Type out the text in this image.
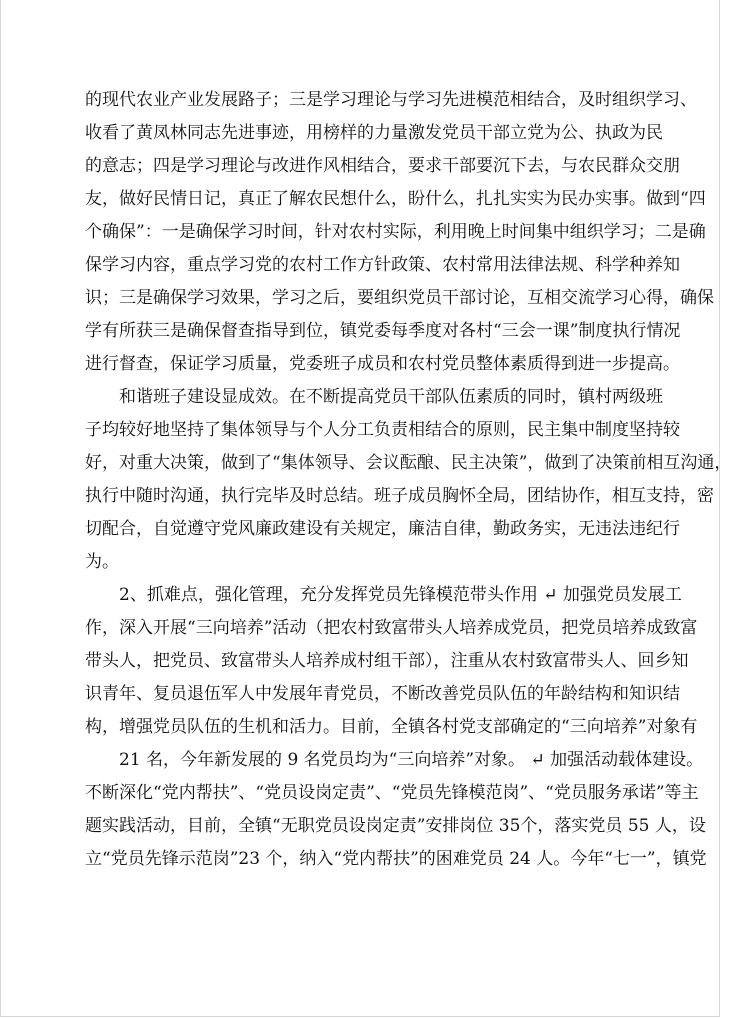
的现代农业产业发展路子；三是学习理论与学习先进模范相结合，及时组织学习、
收看了黄凤林同志先进事迹，用榜样的力量激发党员干部立党为公、执政为民
的意志；四是学习理论与改进作风相结合，要求干部要沉下去，与农民群众交朋
友，做好民情日记，真正了解农民想什么，盼什么，扎扎实实为民办实事。做到“四
个确保”：一是确保学习时间，针对农村实际，利用晚上时间集中组织学习；二是确
保学习内容，重点学习党的农村工作方针政策、农村常用法律法规、科学种养知
识；三是确保学习效果，学习之后，要组织党员干部讨论，互相交流学习心得，确保
学有所获三是确保督查指导到位，镇党委每季度对各村“三会一课”制度执行情况
进行督查，保证学习质量，党委班子成员和农村党员整体素质得到进一步提高。
和谐班子建设显成效。在不断提高党员干部队伍素质的同时，镇村两级班
子均较好地坚持了集体领导与个人分工负责相结合的原则，民主集中制度坚持较
好，对重大决策，做到了“集体领导、会议酝酿、民主决策”，做到了决策前相互沟通，
执行中随时沟通，执行完毕及时总结。班子成员胸怀全局，团结协作，相互支持，密
切配合，自觉遵守党风廉政建设有关规定，廉洁自律，勤政务实，无违法违纪行
为。
2、抓难点，强化管理，充分发挥党员先锋模范带头作用 ↵ 加强党员发展工
作，深入开展“三向培养”活动（把农村致富带头人培养成党员，把党员培养成致富
带头人，把党员、致富带头人培养成村组干部），注重从农村致富带头人、回乡知
识青年、复员退伍军人中发展年青党员，不断改善党员队伍的年龄结构和知识结
构，增强党员队伍的生机和活力。目前，全镇各村党支部确定的“三向培养”对象有
21 名，今年新发展的 9 名党员均为“三向培养”对象。 ↵ 加强活动载体建设。
不断深化“党内帮扶”、“党员设岗定责”、“党员先锋模范岗”、“党员服务承诺”等主
题实践活动，目前，全镇“无职党员设岗定责”安排岗位 35个，落实党员 55 人，设
立“党员先锋示范岗”23 个，纳入“党内帮扶”的困难党员 24 人。今年“七一”，镇党
